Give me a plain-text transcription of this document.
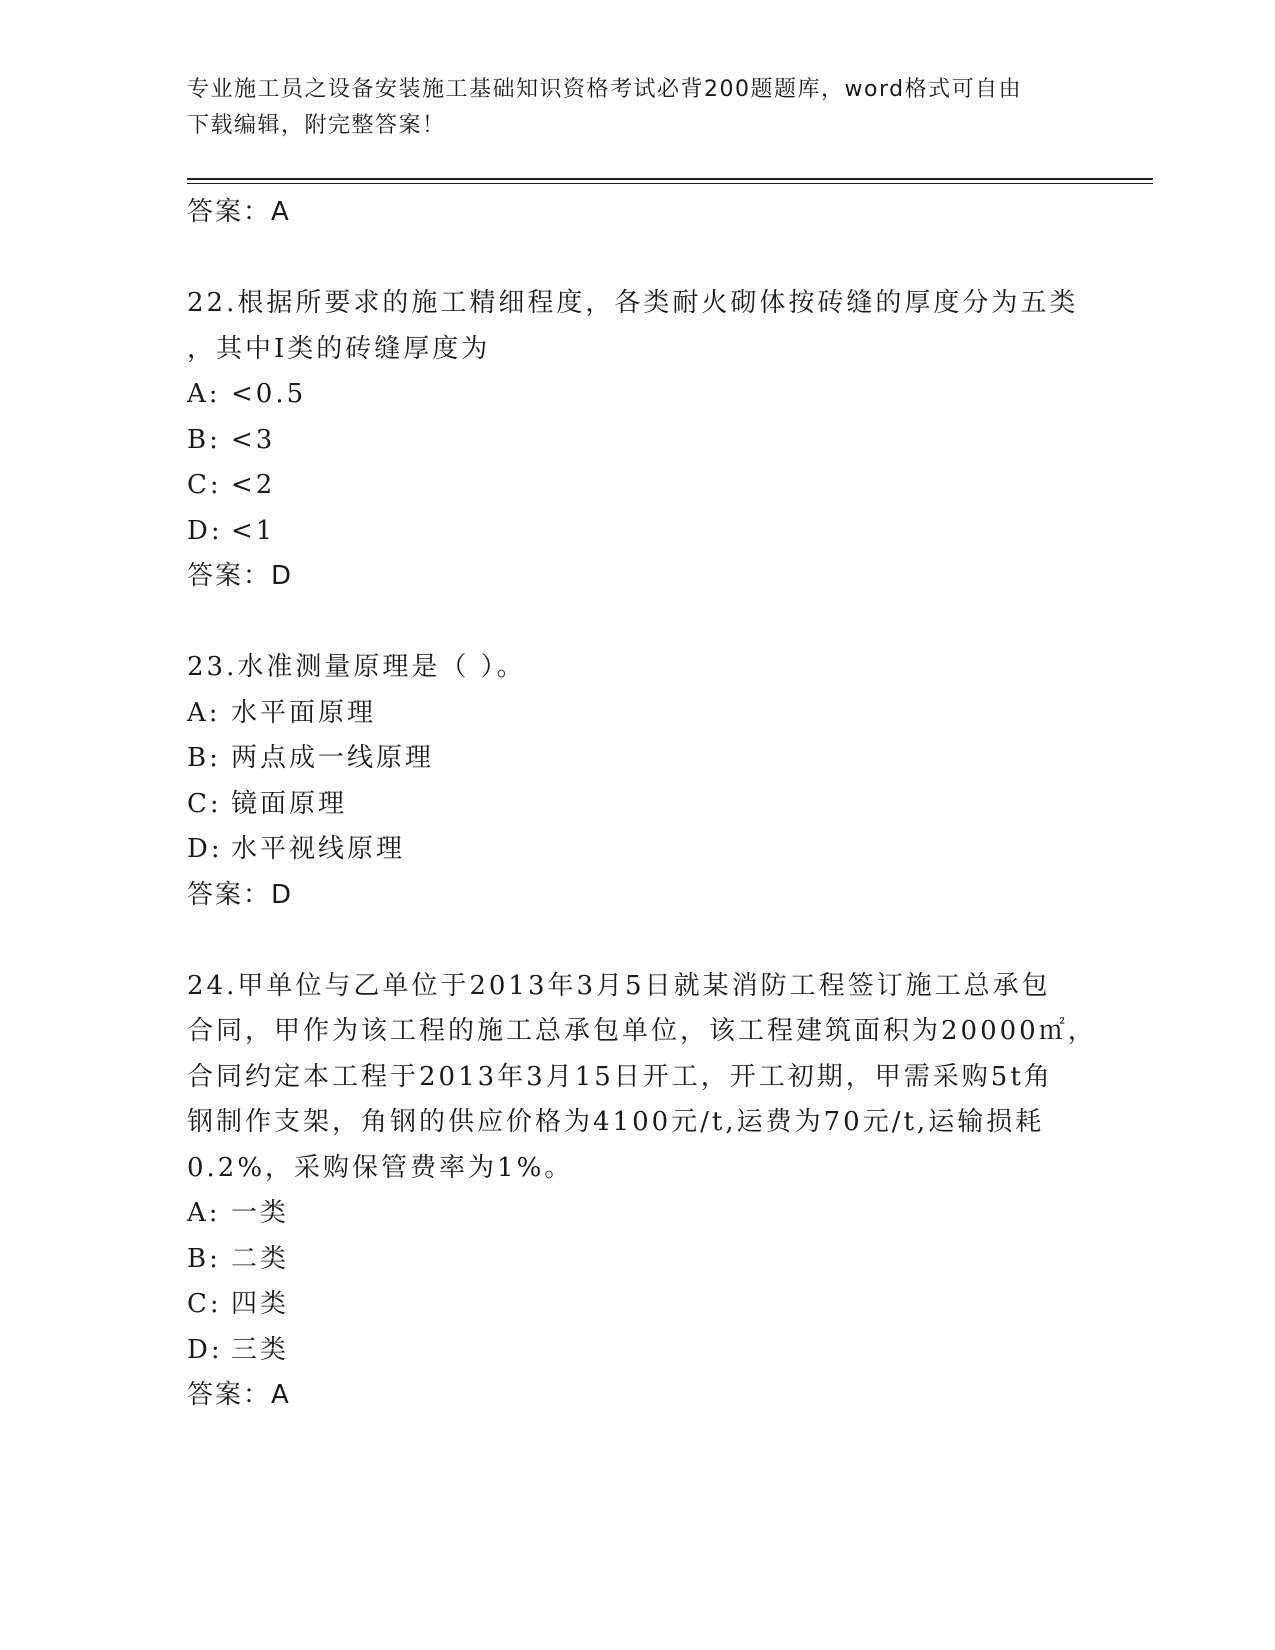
专业施工员之设备安装施工基础知识资格考试必背200题题库，word格式可自由
下载编辑，附完整答案！
答案：A
22.根据所要求的施工精细程度，各类耐火砌体按砖缝的厚度分为五类
，其中Ⅰ类的砖缝厚度为
A: <0.5
B: <3
C: <2
D: <1
答案：D
23.水准测量原理是（ ）。
A: 水平面原理
B: 两点成一线原理
C: 镜面原理
D: 水平视线原理
答案：D
24.甲单位与乙单位于2013年3月5日就某消防工程签订施工总承包
合同，甲作为该工程的施工总承包单位，该工程建筑面积为20000㎡，
合同约定本工程于2013年3月15日开工，开工初期，甲需采购5t角
钢制作支架，角钢的供应价格为4100元/t,运费为70元/t,运输损耗
0.2%，采购保管费率为1%。
A: 一类
B: 二类
C: 四类
D: 三类
答案：A
